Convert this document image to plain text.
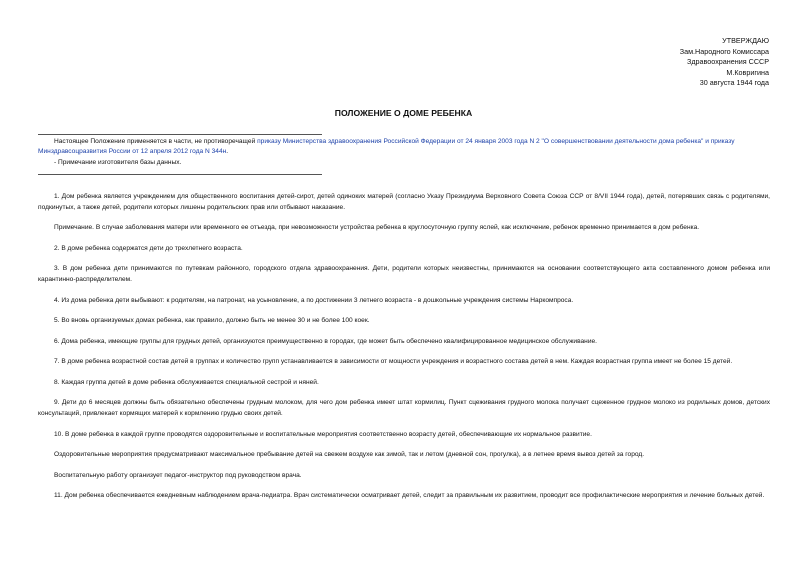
УТВЕРЖДАЮ
Зам.Народного Комиссара
Здравоохранения СССР
М.Ковригина
30 августа 1944 года
ПОЛОЖЕНИЕ О ДОМЕ РЕБЕНКА

Настоящее Положение применяется в части, не противоречащей приказу Министерства здравоохранения Российской Федерации от 24 января 2003 года N 2 "О совершенствовании деятельности дома ребенка" и приказу Минздравсоцразвития России от 12 апреля 2012 года N 344н.

- Примечание изготовителя базы данных.

1. Дом ребенка является учреждением для общественного воспитания детей-сирот, детей одиноких матерей (согласно Указу Президиума Верховного Совета Союза ССР от 8/VII 1944 года), детей, потерявших связь с родителями, подкинутых, а также детей, родители которых лишены родительских прав или отбывают наказание.

Примечание. В случае заболевания матери или временного ее отъезда, при невозможности устройства ребенка в круглосуточную группу яслей, как исключение, ребенок временно принимается в дом ребенка.

2. В доме ребенка содержатся дети до трехлетнего возраста.

3. В дом ребенка дети принимаются по путевкам районного, городского отдела здравоохранения. Дети, родители которых неизвестны, принимаются на основании соответствующего акта составленного домом ребенка или карантинно-распределителем.

4. Из дома ребенка дети выбывают: к родителям, на патронат, на усыновление, а по достижении 3 летнего возраста - в дошкольные учреждения системы Наркомпроса.

5. Во вновь организуемых домах ребенка, как правило, должно быть не менее 30 и не более 100 коек.

6. Дома ребенка, имеющие группы для грудных детей, организуются преимущественно в городах, где может быть обеспечено квалифицированное медицинское обслуживание.

7. В доме ребенка возрастной состав детей в группах и количество групп устанавливается в зависимости от мощности учреждения и возрастного состава детей в нем. Каждая возрастная группа имеет не более 15 детей.

8. Каждая группа детей в доме ребенка обслуживается специальной сестрой и няней.

9. Дети до 6 месяцев должны быть обязательно обеспечены грудным молоком, для чего дом ребенка имеет штат кормилиц. Пункт сцеживания грудного молока получает сцеженное грудное молоко из родильных домов, детских консультаций, привлекает кормящих матерей к кормлению грудью своих детей.

10. В доме ребенка в каждой группе проводятся оздоровительные и воспитательные мероприятия соответственно возрасту детей, обеспечивающие их нормальное развитие.

Оздоровительные мероприятия предусматривают максимальное пребывание детей на свежем воздухе как зимой, так и летом (дневной сон, прогулка), а в летнее время вывоз детей за город.

Воспитательную работу организует педагог-инструктор под руководством врача.

11. Дом ребенка обеспечивается ежедневным наблюдением врача-педиатра. Врач систематически осматривает детей, следит за правильным их развитием, проводит все профилактические мероприятия и лечение больных детей.
